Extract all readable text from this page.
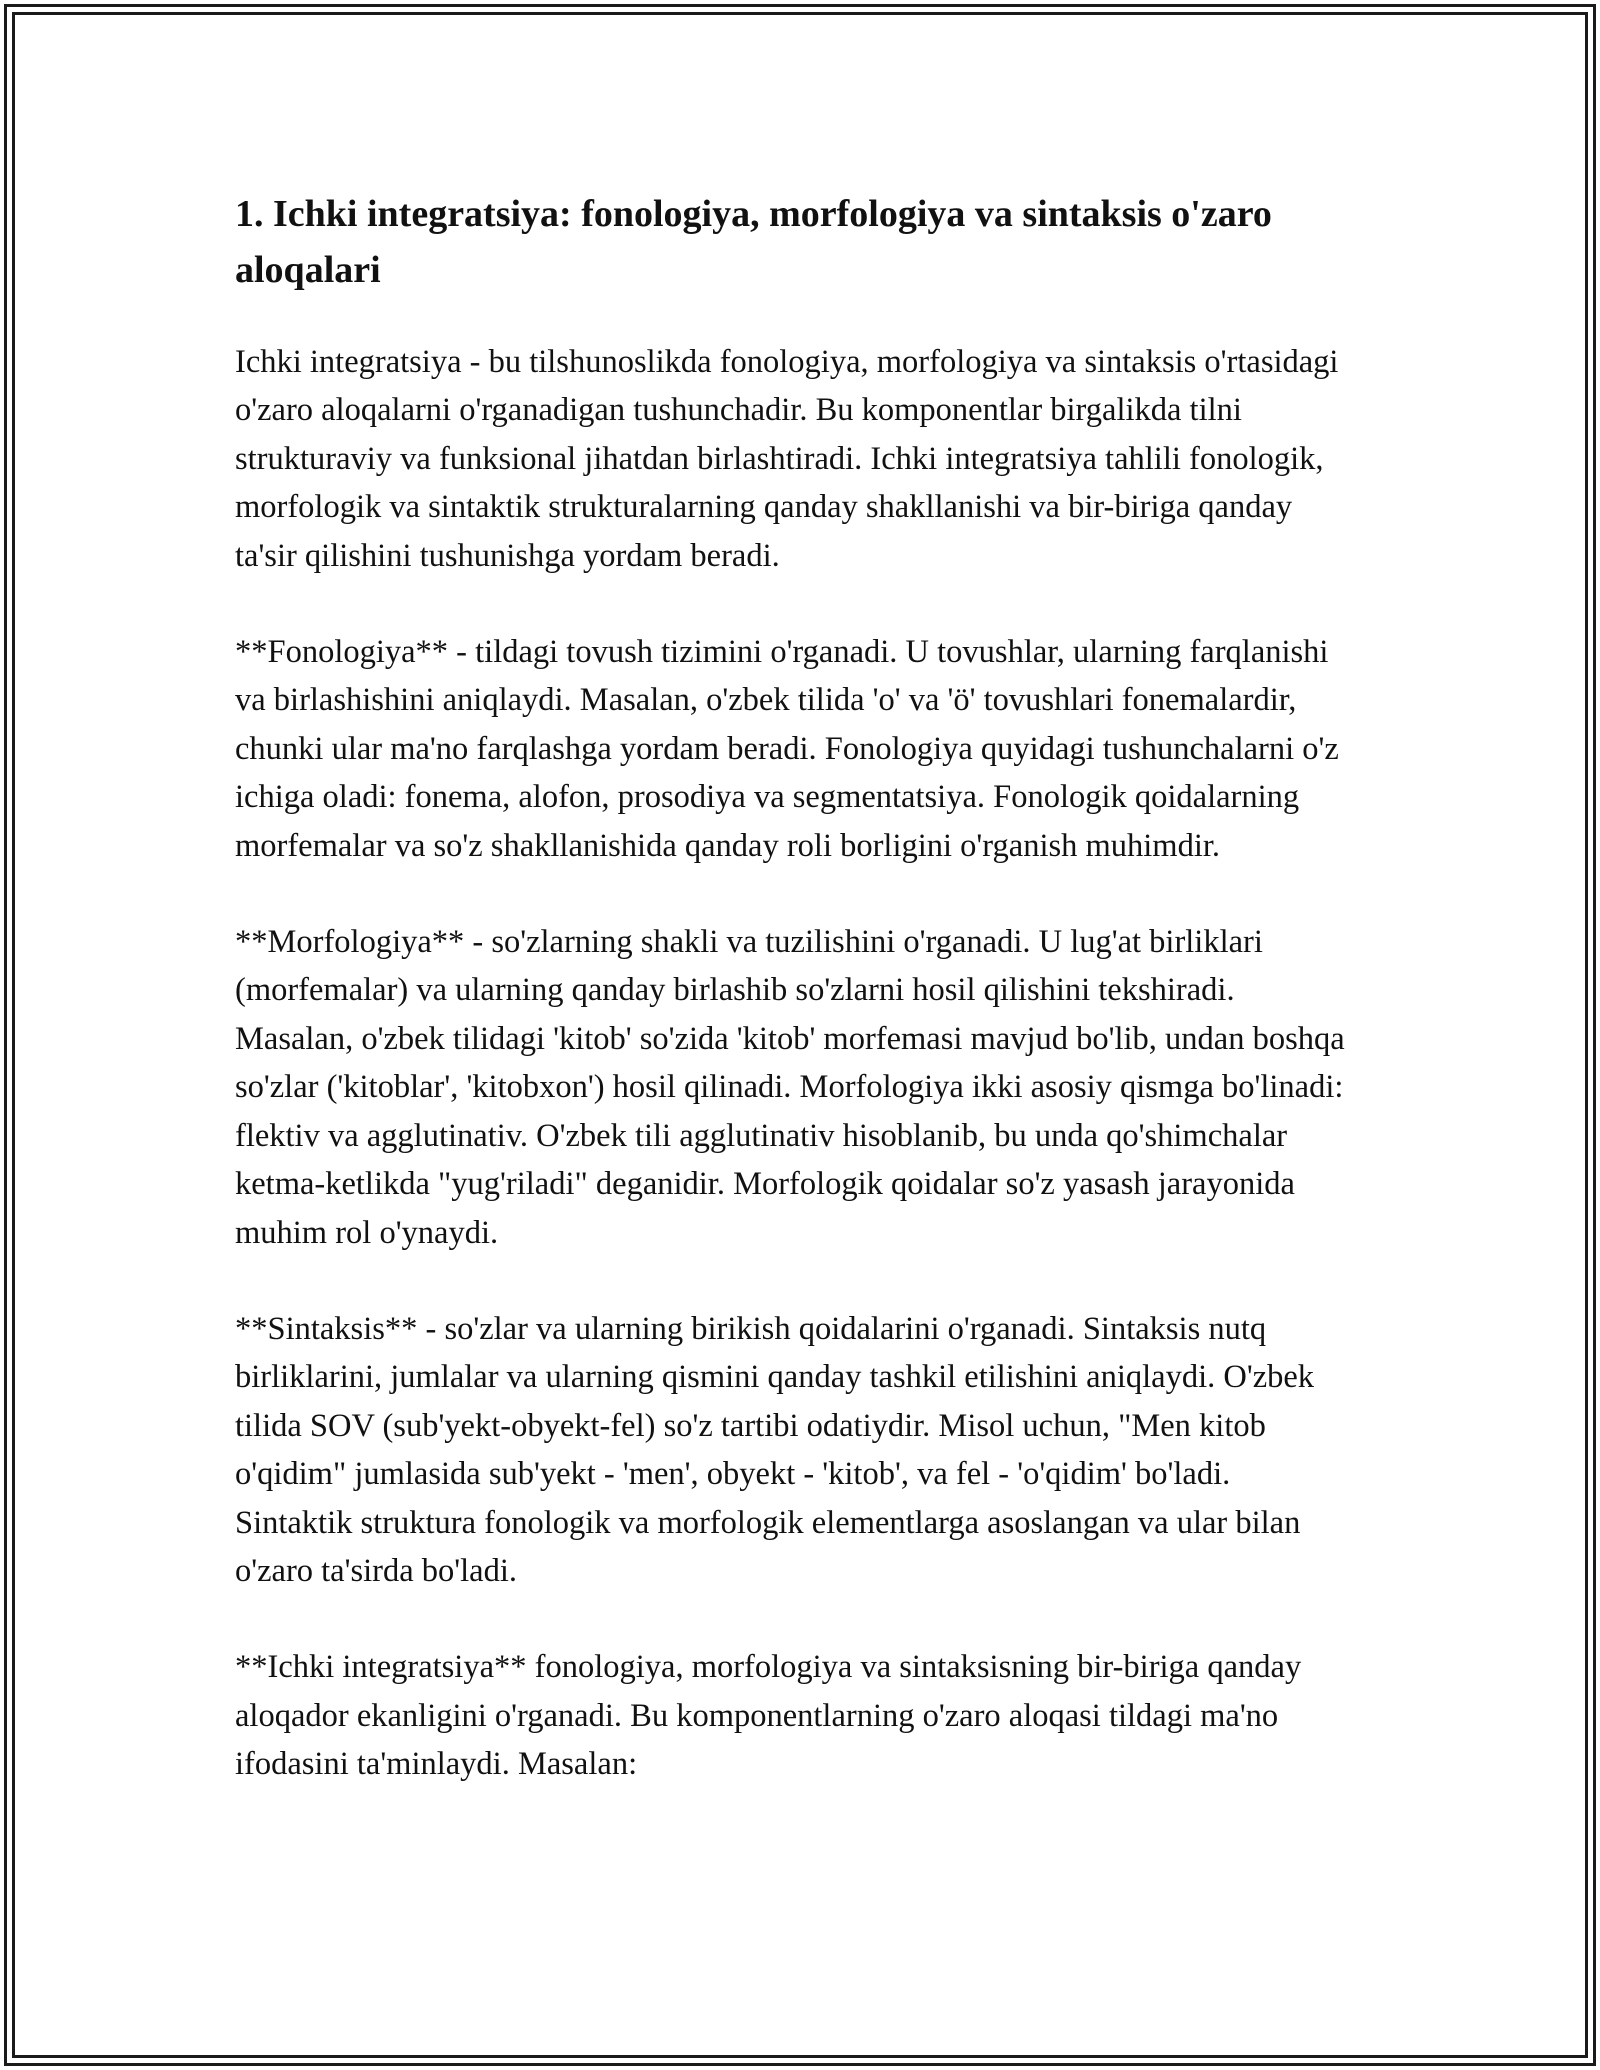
1. Ichki integratsiya: fonologiya, morfologiya va sintaksis o'zaro aloqalari

Ichki integratsiya - bu tilshunoslikda fonologiya, morfologiya va sintaksis o'rtasidagi o'zaro aloqalarni o'rganadigan tushunchadir. Bu komponentlar birgalikda tilni strukturaviy va funksional jihatdan birlashtiradi. Ichki integratsiya tahlili fonologik, morfologik va sintaktik strukturalarning qanday shakllanishi va bir-biriga qanday ta'sir qilishini tushunishga yordam beradi.

**Fonologiya** - tildagi tovush tizimini o'rganadi. U tovushlar, ularning farqlanishi va birlashishini aniqlaydi. Masalan, o'zbek tilida 'o' va 'ö' tovushlari fonemalardir, chunki ular ma'no farqlashga yordam beradi. Fonologiya quyidagi tushunchalarni o'z ichiga oladi: fonema, alofon, prosodiya va segmentatsiya. Fonologik qoidalarning morfemalar va so'z shakllanishida qanday roli borligini o'rganish muhimdir.

**Morfologiya** - so'zlarning shakli va tuzilishini o'rganadi. U lug'at birliklari (morfemalar) va ularning qanday birlashib so'zlarni hosil qilishini tekshiradi. Masalan, o'zbek tilidagi 'kitob' so'zida 'kitob' morfemasi mavjud bo'lib, undan boshqa so'zlar ('kitoblar', 'kitobxon') hosil qilinadi. Morfologiya ikki asosiy qismga bo'linadi: flektiv va agglutinativ. O'zbek tili agglutinativ hisoblanib, bu unda qo'shimchalar ketma-ketlikda "yug'riladi" deganidir. Morfologik qoidalar so'z yasash jarayonida muhim rol o'ynaydi.

**Sintaksis** - so'zlar va ularning birikish qoidalarini o'rganadi. Sintaksis nutq birliklarini, jumlalar va ularning qismini qanday tashkil etilishini aniqlaydi. O'zbek tilida SOV (sub'yekt-obyekt-fel) so'z tartibi odatiydir. Misol uchun, "Men kitob o'qidim" jumlasida sub'yekt - 'men', obyekt - 'kitob', va fel - 'o'qidim' bo'ladi. Sintaktik struktura fonologik va morfologik elementlarga asoslangan va ular bilan o'zaro ta'sirda bo'ladi.

**Ichki integratsiya** fonologiya, morfologiya va sintaksisning bir-biriga qanday aloqador ekanligini o'rganadi. Bu komponentlarning o'zaro aloqasi tildagi ma'no ifodasini ta'minlaydi. Masalan:
